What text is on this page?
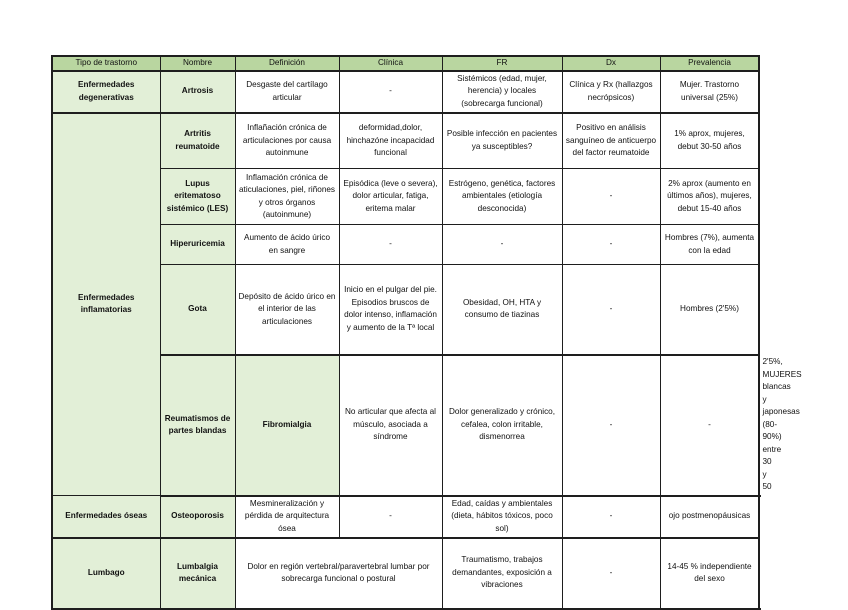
Tipo de trastorno	Nombre	Definición	Clínica	FR	Dx	Prevalencia	
Enfermedades degenerativas	Artrosis	Desgaste del cartílago articular	-	Sistémicos (edad, mujer, herencia) y locales (sobrecarga funcional)	Clínica y Rx (hallazgos necrópsicos)	Mujer. Trastorno universal (25%)	
Enfermedades inflamatorias	Artritis reumatoide	Inflañación crónica de articulaciones por causa autoinmune	deformidad,dolor, hinchazóne incapacidad funcional	Posible infección en pacientes ya susceptibles?	Positivo en análisis sanguíneo de anticuerpo del factor reumatoide	1% aprox, mujeres, debut 30-50 años	
	Lupus eritematoso sistémico (LES)	Inflamación crónica de aticulaciones, piel, riñones y otros órganos (autoinmune)	Episódica (leve o severa), dolor articular, fatiga, eritema malar	Estrógeno, genética, factores ambientales (etiología desconocida)	-	2% aprox (aumento en últimos años), mujeres, debut 15-40 años	
	Hiperuricemia	Aumento de ácido úrico en sangre	-	-	-	Hombres (7%), aumenta con la edad	
	Gota	Depósito de ácido úrico en el interior de las articulaciones	Inicio en el pulgar del pie. Episodios bruscos de dolor intenso, inflamación y aumento de la Tª local	Obesidad, OH, HTA y consumo de tiazinas	-	Hombres (2'5%)	
	Reumatismos de partes blandas	Fibromialgia	No articular que afecta al músculo, asociada a síndrome	Dolor generalizado y crónico, cefalea, colon irritable, dismenorrea	-	-	2'5%, MUJERES blancas y japonesas (80-90%) entre 30 y 50
Enfermedades óseas	Osteoporosis	Mesmineralización y pérdida de arquitectura ósea	-	Edad, caídas y ambientales (dieta, hábitos tóxicos, poco sol)	-	ojo postmenopáusicas	
Lumbago	Lumbalgia mecánica	Dolor en región vertebral/paravertebral lumbar por sobrecarga funcional o postural		Traumatismo, trabajos demandantes, exposición a vibraciones	-	14-45 % independiente del sexo	
